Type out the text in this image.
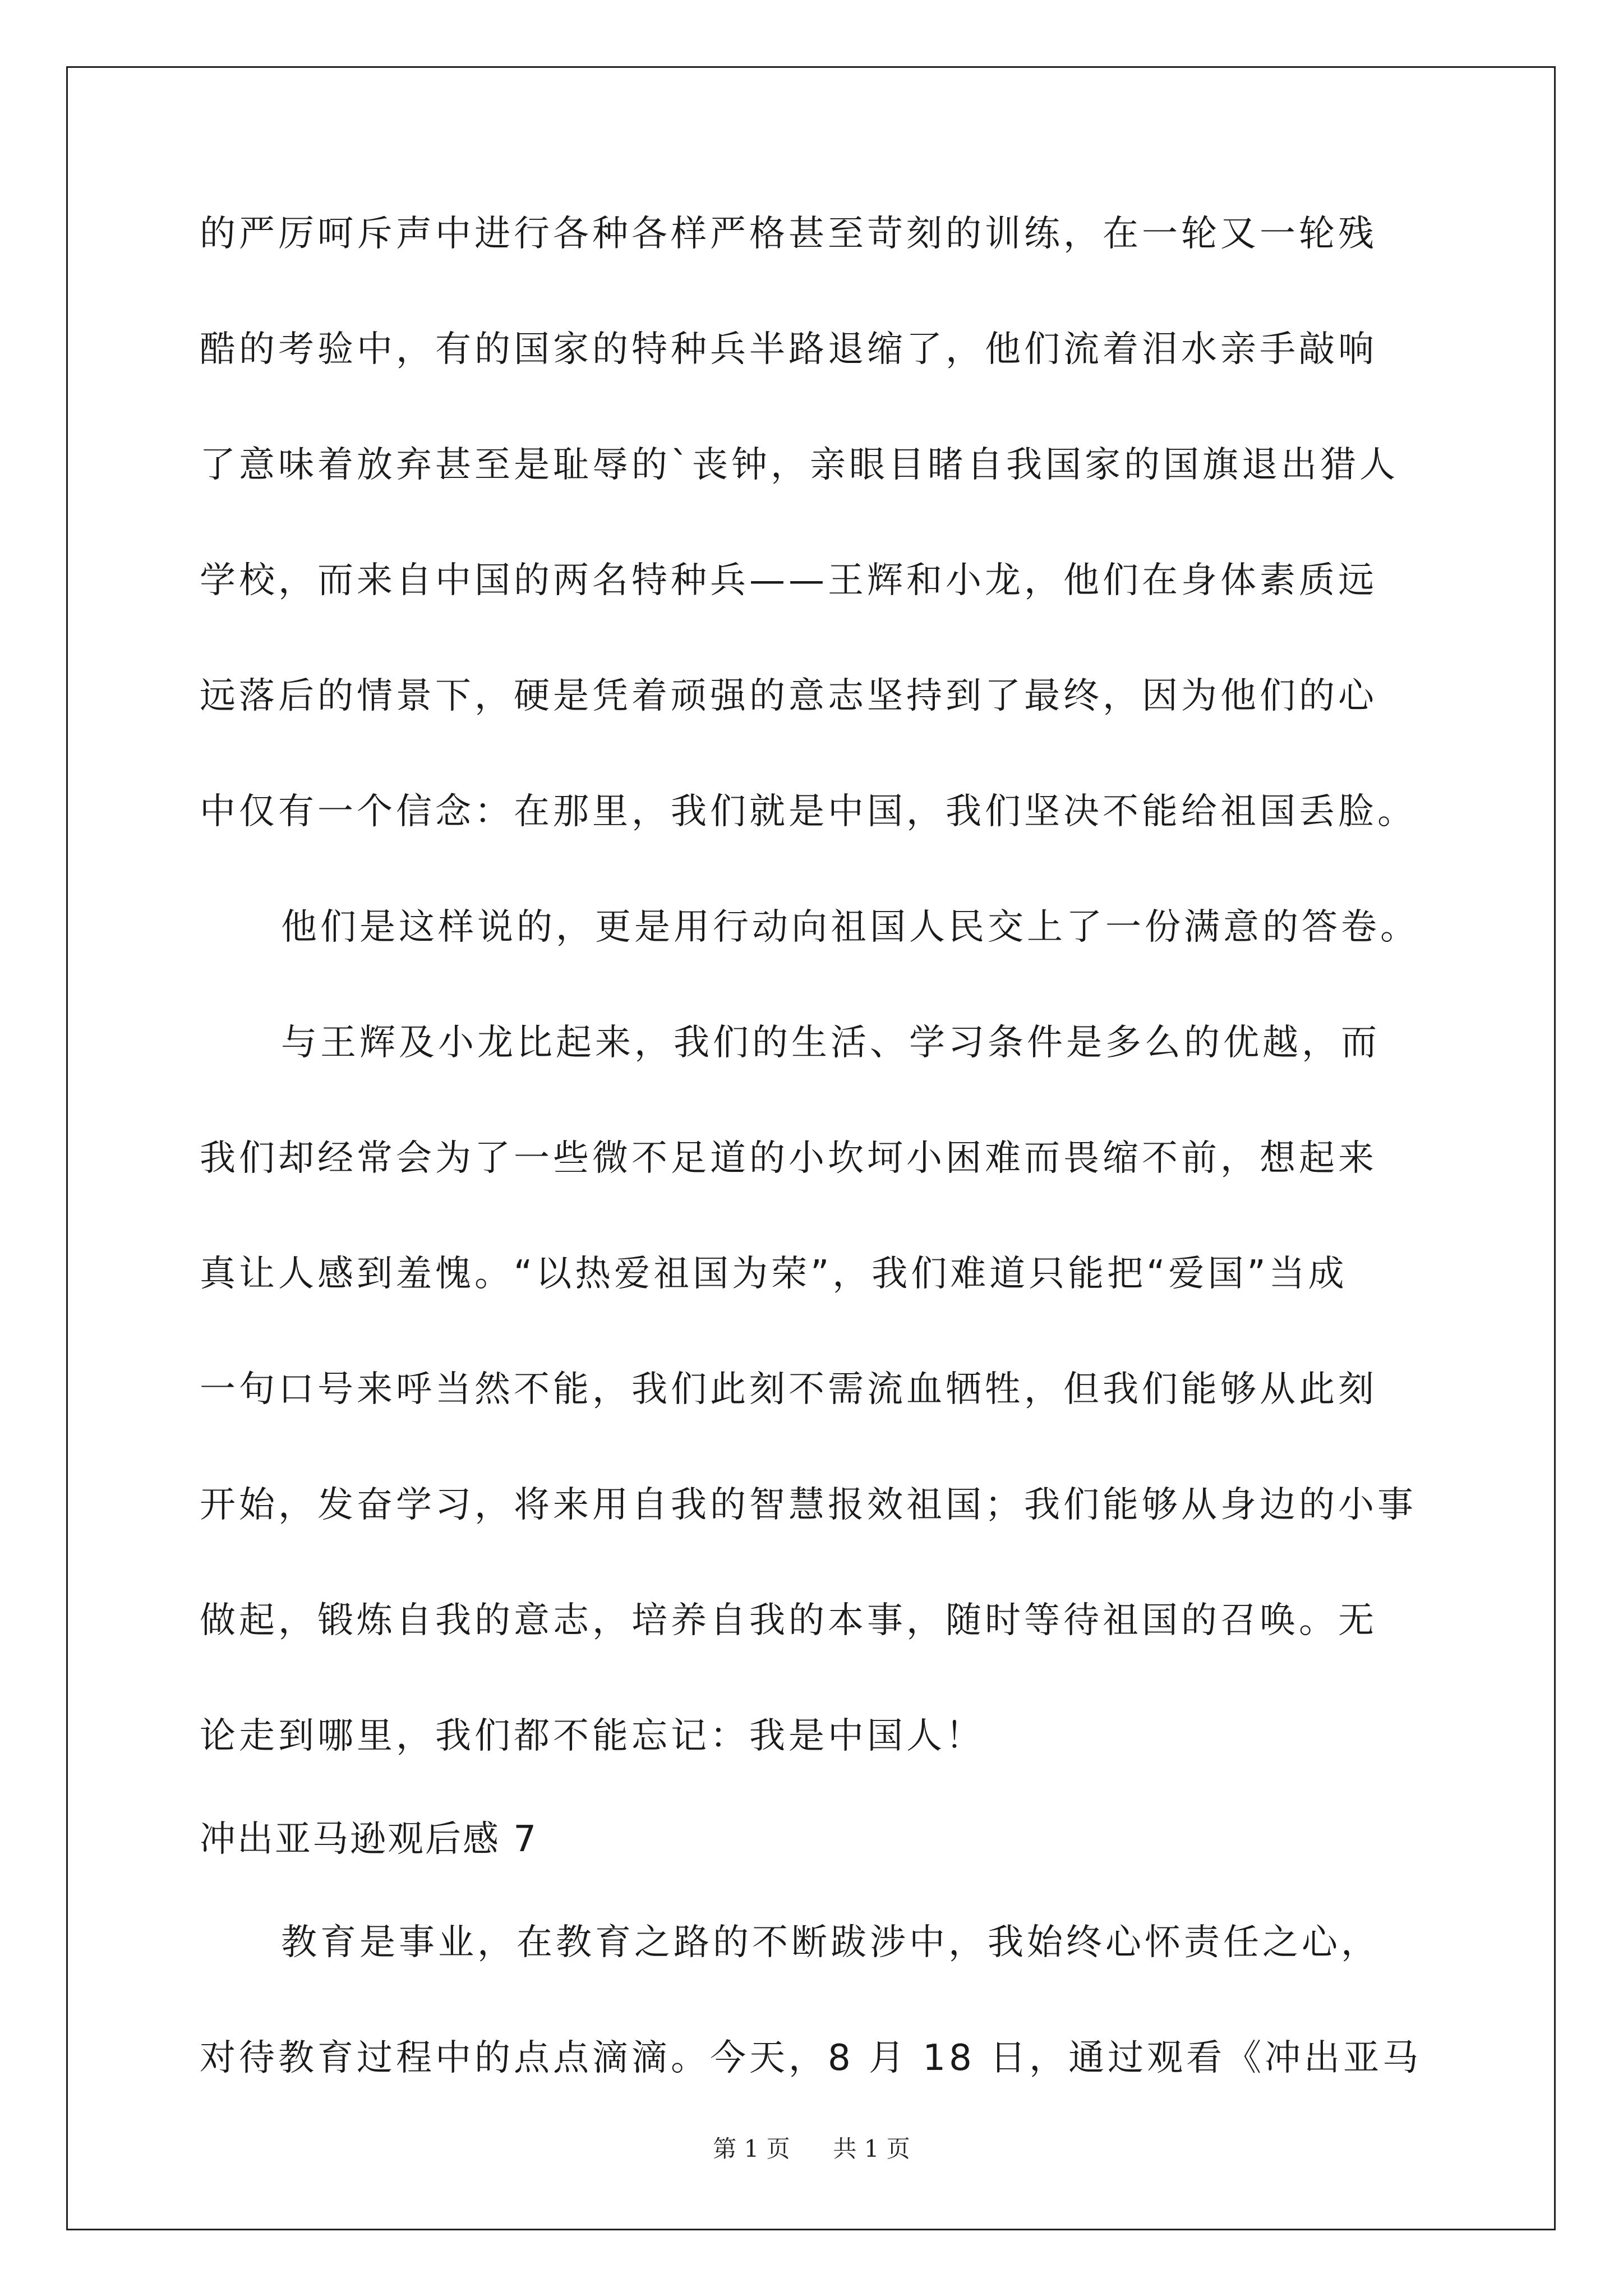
的严厉呵斥声中进行各种各样严格甚至苛刻的训练，在一轮又一轮残
酷的考验中，有的国家的特种兵半路退缩了，他们流着泪水亲手敲响
了意味着放弃甚至是耻辱的`丧钟，亲眼目睹自我国家的国旗退出猎人
学校，而来自中国的两名特种兵——王辉和小龙，他们在身体素质远
远落后的情景下，硬是凭着顽强的意志坚持到了最终，因为他们的心
中仅有一个信念：在那里，我们就是中国，我们坚决不能给祖国丢脸。
他们是这样说的，更是用行动向祖国人民交上了一份满意的答卷。
与王辉及小龙比起来，我们的生活、学习条件是多么的优越，而
我们却经常会为了一些微不足道的小坎坷小困难而畏缩不前，想起来
真让人感到羞愧。“以热爱祖国为荣”，我们难道只能把“爱国”当成
一句口号来呼当然不能，我们此刻不需流血牺牲，但我们能够从此刻
开始，发奋学习，将来用自我的智慧报效祖国；我们能够从身边的小事
做起，锻炼自我的意志，培养自我的本事，随时等待祖国的召唤。无
论走到哪里，我们都不能忘记：我是中国人！
冲出亚马逊观后感 7
教育是事业，在教育之路的不断跋涉中，我始终心怀责任之心，
对待教育过程中的点点滴滴。今天，8 月 18 日，通过观看《冲出亚马
第 1 页 共 1 页
